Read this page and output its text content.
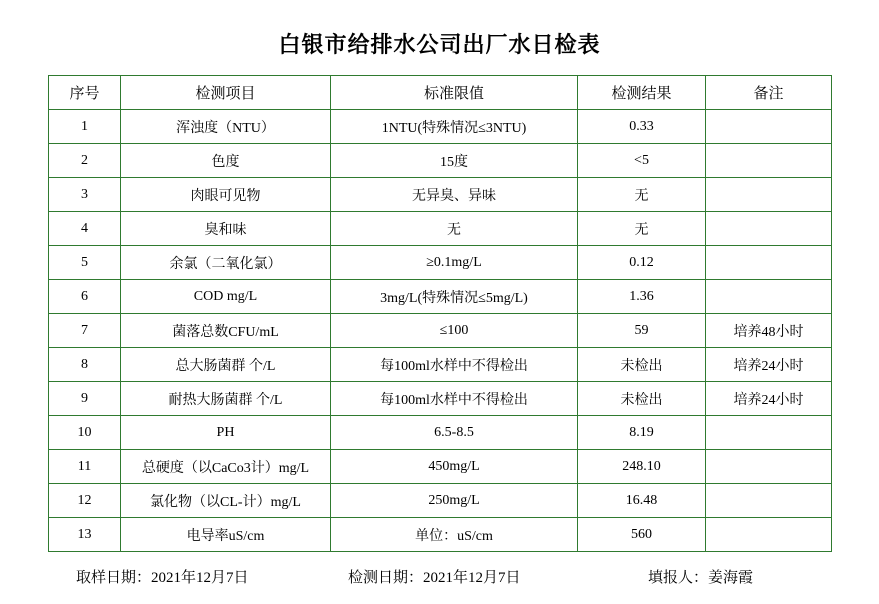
白银市给排水公司出厂水日检表
序号	检测项目	标准限值	检测结果	备注
1	浑浊度（NTU）	1NTU(特殊情况≤3NTU)	0.33	
2	色度	15度	<5	
3	肉眼可见物	无异臭、异味	无	
4	臭和味	无	无	
5	余氯（二氧化氯）	≥0.1mg/L	0.12	
6	COD mg/L	3mg/L(特殊情况≤5mg/L)	1.36	
7	菌落总数CFU/mL	≤100	59	培养48小时
8	总大肠菌群 个/L	每100ml水样中不得检出	未检出	培养24小时
9	耐热大肠菌群 个/L	每100ml水样中不得检出	未检出	培养24小时
10	PH	6.5-8.5	8.19	
11	总硬度（以CaCo3计）mg/L	450mg/L	248.10	
12	氯化物（以CL-计）mg/L	250mg/L	16.48	
13	电导率uS/cm	单位：uS/cm	560	
取样日期：2021年12月7日	检测日期：2021年12月7日	填报人：姜海霞
